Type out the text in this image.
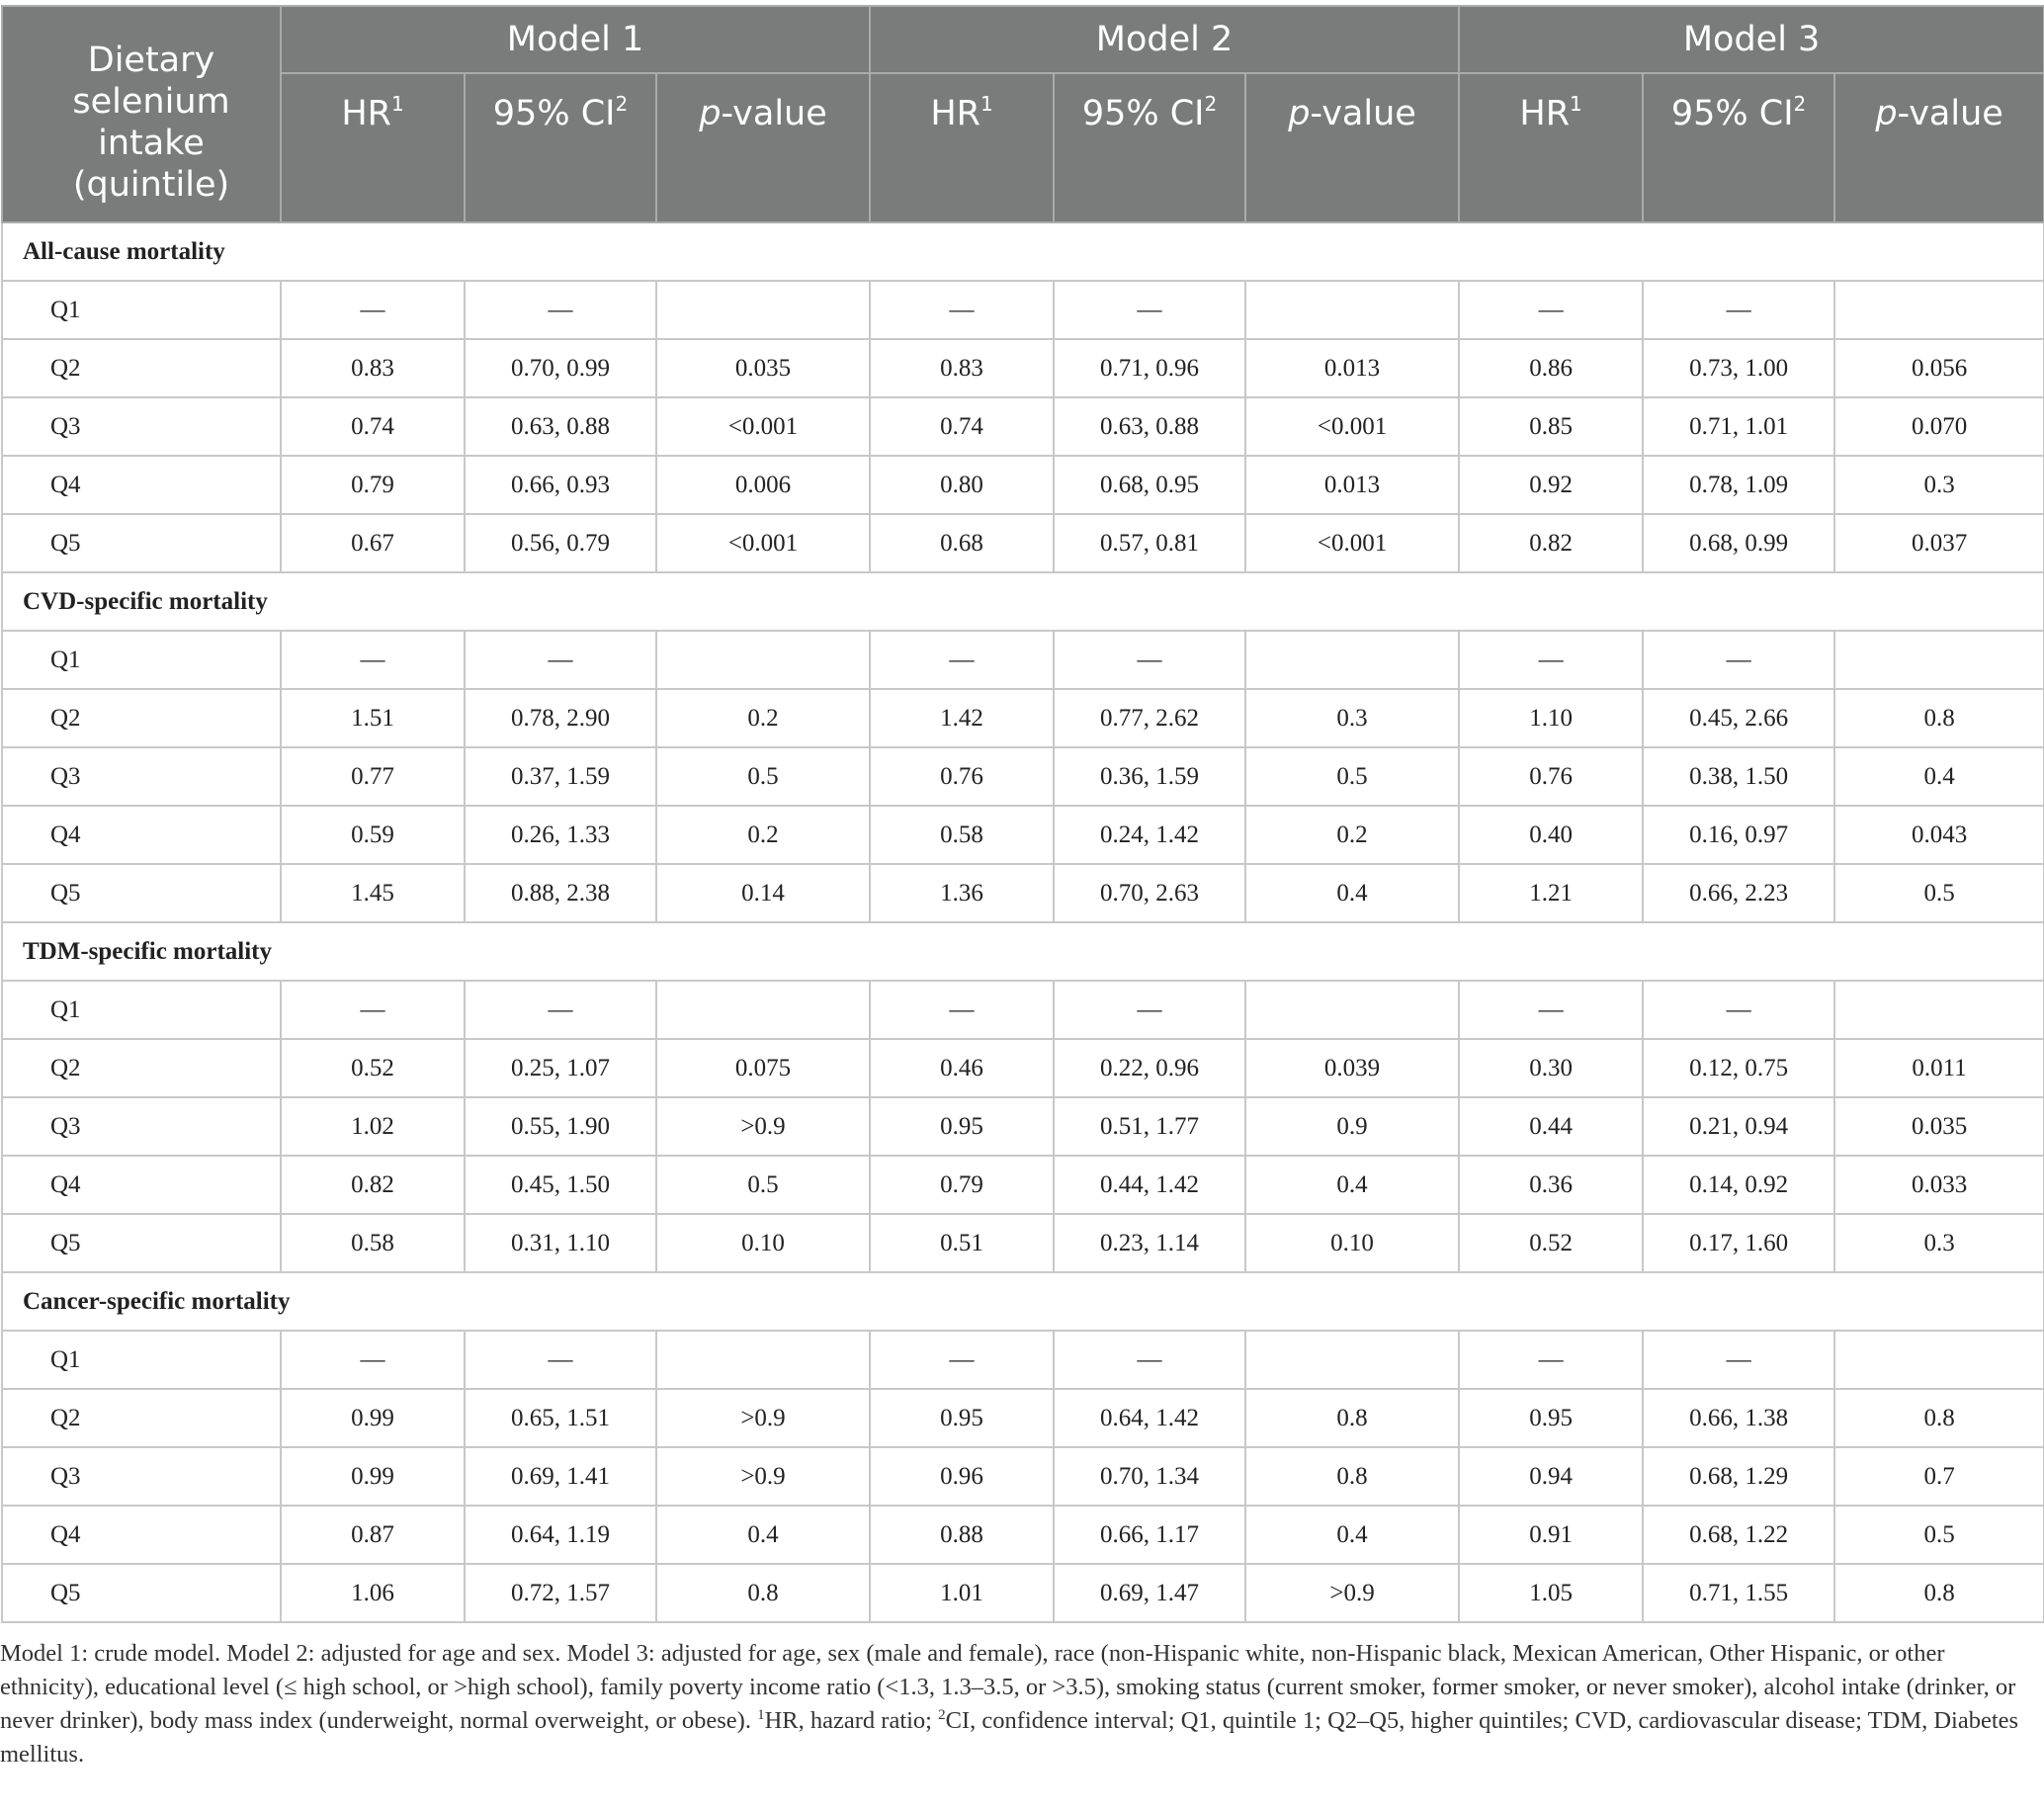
Dietary selenium intake (quintile)	Model 1			Model 2			Model 3		
	$HR^1$	95% $CI^2$	p-value	$HR^1$	95% $CI^2$	p-value	$HR^1$	95% $CI^2$	p-value
All-cause mortality									
Q1	—	—		—	—		—	—	
Q2	0.83	0.70, 0.99	0.035	0.83	0.71, 0.96	0.013	0.86	0.73, 1.00	0.056
Q3	0.74	0.63, 0.88	<0.001	0.74	0.63, 0.88	<0.001	0.85	0.71, 1.01	0.070
Q4	0.79	0.66, 0.93	0.006	0.80	0.68, 0.95	0.013	0.92	0.78, 1.09	0.3
Q5	0.67	0.56, 0.79	<0.001	0.68	0.57, 0.81	<0.001	0.82	0.68, 0.99	0.037
CVD-specific mortality									
Q1	—	—		—	—		—	—	
Q2	1.51	0.78, 2.90	0.2	1.42	0.77, 2.62	0.3	1.10	0.45, 2.66	0.8
Q3	0.77	0.37, 1.59	0.5	0.76	0.36, 1.59	0.5	0.76	0.38, 1.50	0.4
Q4	0.59	0.26, 1.33	0.2	0.58	0.24, 1.42	0.2	0.40	0.16, 0.97	0.043
Q5	1.45	0.88, 2.38	0.14	1.36	0.70, 2.63	0.4	1.21	0.66, 2.23	0.5
TDM-specific mortality									
Q1	—	—		—	—		—	—	
Q2	0.52	0.25, 1.07	0.075	0.46	0.22, 0.96	0.039	0.30	0.12, 0.75	0.011
Q3	1.02	0.55, 1.90	>0.9	0.95	0.51, 1.77	0.9	0.44	0.21, 0.94	0.035
Q4	0.82	0.45, 1.50	0.5	0.79	0.44, 1.42	0.4	0.36	0.14, 0.92	0.033
Q5	0.58	0.31, 1.10	0.10	0.51	0.23, 1.14	0.10	0.52	0.17, 1.60	0.3
Cancer-specific mortality									
Q1	—	—		—	—		—	—	
Q2	0.99	0.65, 1.51	>0.9	0.95	0.64, 1.42	0.8	0.95	0.66, 1.38	0.8
Q3	0.99	0.69, 1.41	>0.9	0.96	0.70, 1.34	0.8	0.94	0.68, 1.29	0.7
Q4	0.87	0.64, 1.19	0.4	0.88	0.66, 1.17	0.4	0.91	0.68, 1.22	0.5
Q5	1.06	0.72, 1.57	0.8	1.01	0.69, 1.47	>0.9	1.05	0.71, 1.55	0.8

Model 1: crude model. Model 2: adjusted for age and sex. Model 3: adjusted for age, sex (male and female), race (non-Hispanic white, non-Hispanic black, Mexican American, Other Hispanic, or other ethnicity), educational level (≤ high school, or >high school), family poverty income ratio (<1.3, 1.3–3.5, or >3.5), smoking status (current smoker, former smoker, or never smoker), alcohol intake (drinker, or never drinker), body mass index (underweight, normal overweight, or obese). $^1$HR, hazard ratio; $^2$CI, confidence interval; Q1, quintile 1; Q2–Q5, higher quintiles; CVD, cardiovascular disease; TDM, Diabetes mellitus.
